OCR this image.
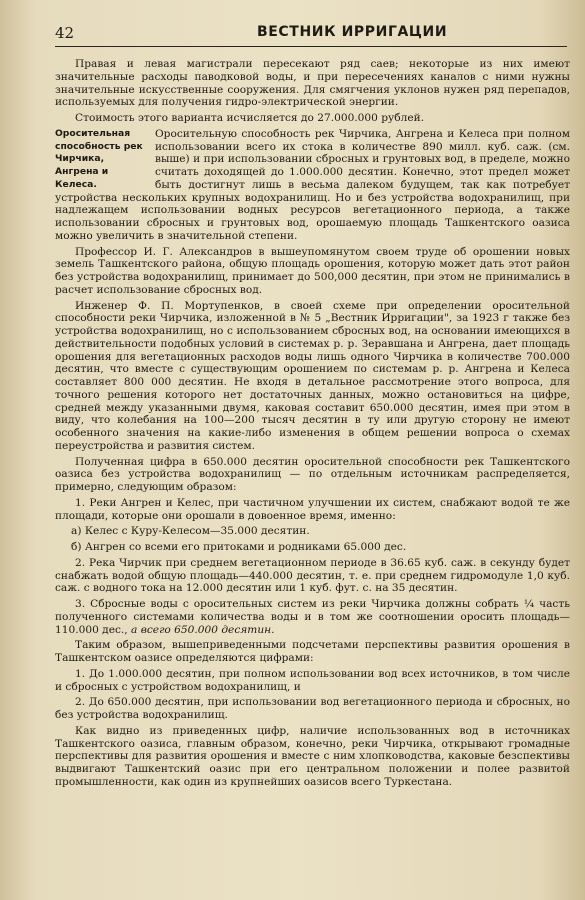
42	ВЕСТНИК ИРРИГАЦИИ

Правая и левая магистрали пересекают ряд саев; некоторые из них имеют значительные расходы паводковой воды, и при пересечениях каналов с ними нужны значительные искусственные сооружения. Для смягчения уклонов нужен ряд перепадов, используемых для получения гидро-электрической энергии.

Стоимость этого варианта исчисляется до 27.000.000 рублей.

Оросительная способность рек Чирчика, Ангрена и Келеса.
Оросительную способность рек Чирчика, Ангрена и Келеса при полном использовании всего их стока в количестве 890 милл. куб. саж. (см. выше) и при использовании сбросных и грунтовых вод, в пределе, можно считать доходящей до 1.000.000 десятин. Конечно, этот предел может быть достигнут лишь в весьма далеком будущем, так как потребует устройства нескольких крупных водохранилищ. Но и без устройства водохранилищ, при надлежащем использовании водных ресурсов вегетационного периода, а также использовании сбросных и грунтовых вод, орошаемую площадь Ташкентского оазиса можно увеличить в значительной степени.

Профессор И. Г. Александров в вышеупомянутом своем труде об орошении новых земель Ташкентского района, общую площадь орошения, которую может дать этот район без устройства водохранилищ, принимает до 500,000 десятин, при этом не принимались в расчет использование сбросных вод.

Инженер Ф. П. Мортупенков, в своей схеме при определении оросительной способности реки Чирчика, изложенной в № 5 „Вестник Ирригации", за 1923 г также без устройства водохранилищ, но с использованием сбросных вод, на основании имеющихся в действительности подобных условий в системах р. р. Зеравшана и Ангрена, дает площадь орошения для вегетационных расходов воды лишь одного Чирчика в количестве 700.000 десятин, что вместе с существующим орошением по системам р. р. Ангрена и Келеса составляет 800 000 десятин. Не входя в детальное рассмотрение этого вопроса, для точного решения которого нет достаточных данных, можно остановиться на цифре, средней между указанными двумя, каковая составит 650.000 десятин, имея при этом в виду, что колебания на 100—200 тысяч десятин в ту или другую сторону не имеют особенного значения на какие-либо изменения в общем решении вопроса о схемах переустройства и развития систем.

Полученная цифра в 650.000 десятин оросительной способности рек Ташкентского оазиса без устройства водохранилищ — по отдельным источникам распределяется, примерно, следующим образом:

1. Реки Ангрен и Келес, при частичном улучшении их систем, снабжают водой те же площади, которые они орошали в довоенное время, именно:

а) Келес с Куру-Келесом—35.000 десятин.

б) Ангрен со всеми его притоками и родниками 65.000 дес.

2. Река Чирчик при среднем вегетационном периоде в 36.65 куб. саж. в секунду будет снабжать водой общую площадь—440.000 десятин, т. е. при среднем гидромодуле 1,0 куб. саж. с водного тока на 12.000 десятин или 1 куб. фут. с. на 35 десятин.

3. Сбросные воды с оросительных систем из реки Чирчика должны собрать ¼ часть полученного системами количества воды и в том же соотношении оросить площадь—110.000 дес., а всего 650.000 десятин.

Таким образом, вышеприведенными подсчетами перспективы развития орошения в Ташкентском оазисе определяются цифрами:

1. До 1.000.000 десятин, при полном использовании вод всех источников, в том числе и сбросных с устройством водохранилищ, и

2. До 650.000 десятин, при использовании вод вегетационного периода и сбросных, но без устройства водохранилищ.

Как видно из приведенных цифр, наличие использованных вод в источниках Ташкентского оазиса, главным образом, конечно, реки Чирчика, открывают громадные перспективы для развития орошения и вместе с ним хлопководства, каковые безспективы выдвигают Ташкентский оазис при его центральном положении и полее развитой промышленности, как один из крупнейших оазисов всего Туркестана.
